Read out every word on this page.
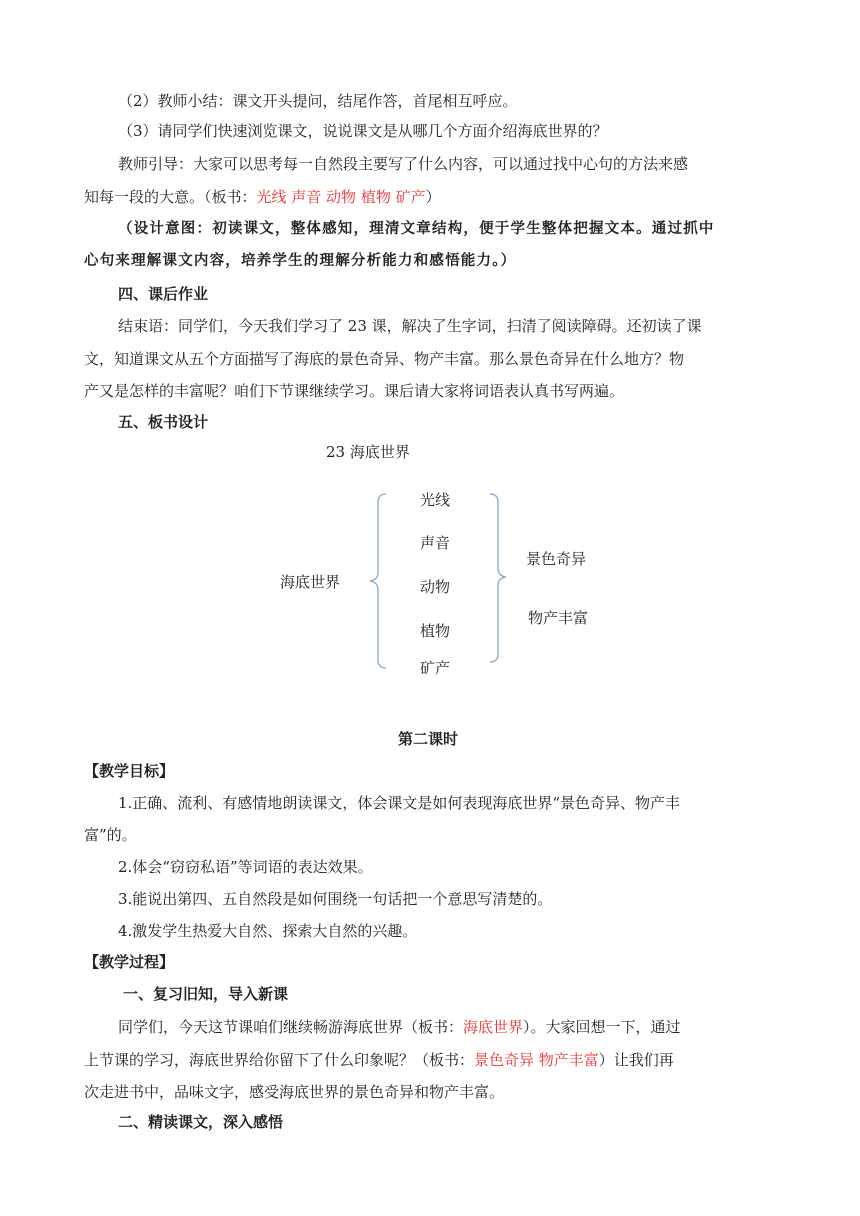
（2）教师小结：课文开头提问，结尾作答，首尾相互呼应。
（3）请同学们快速浏览课文，说说课文是从哪几个方面介绍海底世界的？
教师引导：大家可以思考每一自然段主要写了什么内容，可以通过找中心句的方法来感
知每一段的大意。（板书：光线 声音 动物 植物 矿产）
（设计意图：初读课文，整体感知，理清文章结构，便于学生整体把握文本。通过抓中
心句来理解课文内容，培养学生的理解分析能力和感悟能力。）
四、课后作业
结束语：同学们，今天我们学习了 23 课，解决了生字词，扫清了阅读障碍。还初读了课
文，知道课文从五个方面描写了海底的景色奇异、物产丰富。那么景色奇异在什么地方？物
产又是怎样的丰富呢？咱们下节课继续学习。课后请大家将词语表认真书写两遍。
五、板书设计
23 海底世界
海底世界
光线
声音
动物
植物
矿产
景色奇异
物产丰富
第二课时
【教学目标】
1.正确、流利、有感情地朗读课文，体会课文是如何表现海底世界“景色奇异、物产丰
富”的。
2.体会“窃窃私语”等词语的表达效果。
3.能说出第四、五自然段是如何围绕一句话把一个意思写清楚的。
4.激发学生热爱大自然、探索大自然的兴趣。
【教学过程】
一、复习旧知，导入新课
同学们，今天这节课咱们继续畅游海底世界（板书：海底世界）。大家回想一下，通过
上节课的学习，海底世界给你留下了什么印象呢？（板书：景色奇异 物产丰富）让我们再
次走进书中，品味文字，感受海底世界的景色奇异和物产丰富。
二、精读课文，深入感悟
